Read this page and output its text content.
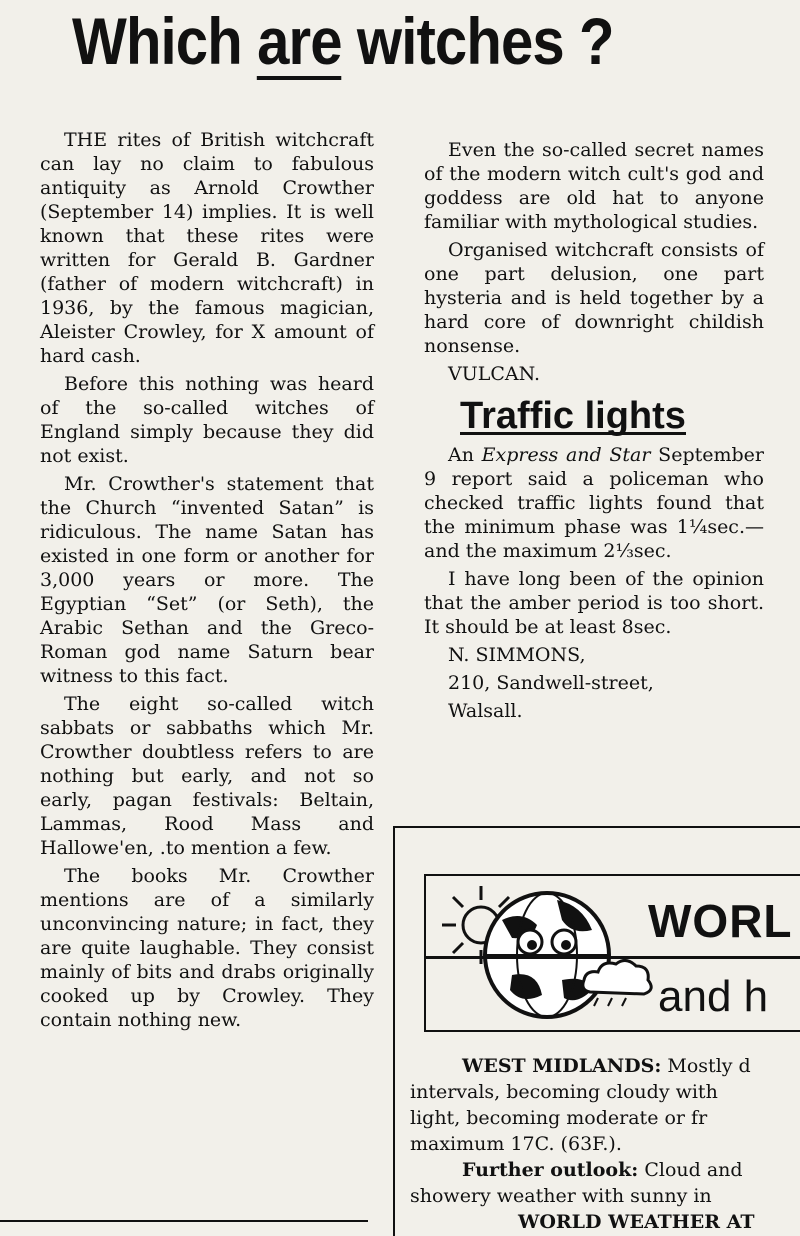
Which are witches ?

THE rites of British witchcraft can lay no claim to fabulous antiquity as Arnold Crowther (September 14) implies. It is well known that these rites were written for Gerald B. Gardner (father of modern witchcraft) in 1936, by the famous magician, Aleister Crowley, for X amount of hard cash.

Before this nothing was heard of the so-called witches of England simply because they did not exist.

Mr. Crowther's statement that the Church “invented Satan” is ridiculous. The name Satan has existed in one form or another for 3,000 years or more. The Egyptian “Set” (or Seth), the Arabic Sethan and the Greco-Roman god name Saturn bear witness to this fact.

The eight so-called witch sabbats or sabbaths which Mr. Crowther doubtless refers to are nothing but early, and not so early, pagan festivals: Beltain, Lammas, Rood Mass and Hallowe'en, .to mention a few.

The books Mr. Crowther mentions are of a similarly unconvincing nature; in fact, they are quite laughable. They consist mainly of bits and drabs originally cooked up by Crowley. They contain nothing new.

Even the so-called secret names of the modern witch cult's god and goddess are old hat to anyone familiar with mythological studies.

Organised witchcraft consists of one part delusion, one part hysteria and is held together by a hard core of downright childish nonsense.

VULCAN.

Traffic lights

An Express and Star September 9 report said a policeman who checked traffic lights found that the minimum phase was 1¼sec.—and the maximum 2⅓sec.

I have long been of the opinion that the amber period is too short. It should be at least 8sec.

N. SIMMONS,

210, Sandwell-street,

Walsall.

WORL
and h

WEST MIDLANDS: Mostly d

intervals, becoming cloudy with

light, becoming moderate or fr

maximum 17C. (63F.).

Further outlook: Cloud and

showery weather with sunny in

WORLD WEATHER AT
